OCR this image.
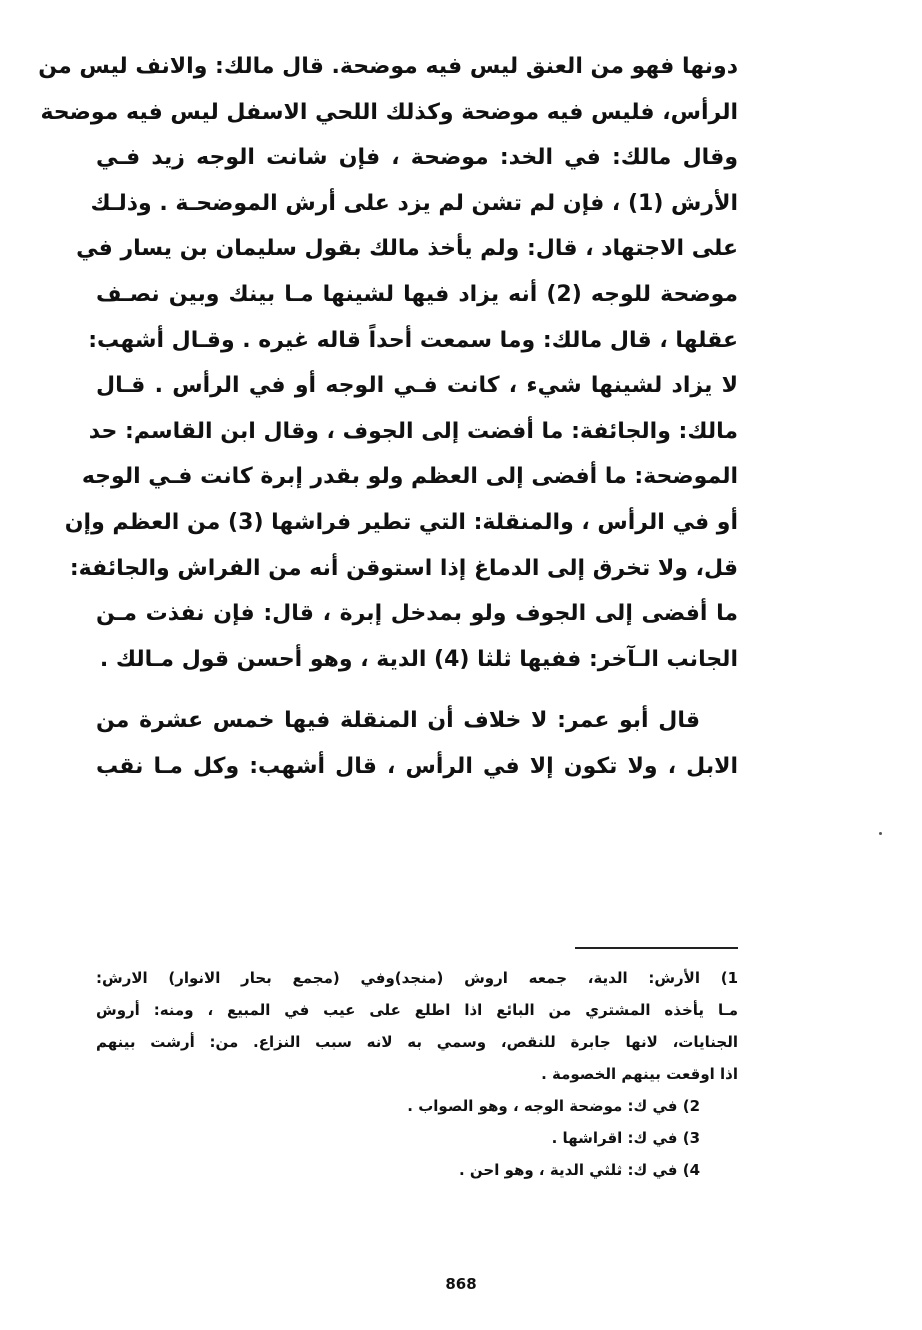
دونها فهو من العنق ليس فيه موضحة. قال مالك: والانف ليس من
الرأس، فليس فيه موضحة وكذلك اللحي الاسفل ليس فيه موضحة
وقال مالك: في الخد: موضحة ، فإن شانت الوجه زيد فـي
الأرش (1) ، فإن لم تشن لم يزد على أرش الموضحـة . وذلـك
على الاجتهاد ، قال: ولم يأخذ مالك بقول سليمان بن يسار في
موضحة للوجه (2) أنه يزاد فيها لشينها مـا بينك وبين نصـف
عقلها ، قال مالك: وما سمعت أحداً قاله غيره . وقـال أشهب:
لا يزاد لشينها شيء ، كانت فـي الوجه أو في الرأس . قـال
مالك: والجائفة: ما أفضت إلى الجوف ، وقال ابن القاسم: حد
الموضحة: ما أفضى إلى العظم ولو بقدر إبرة كانت فـي الوجه
أو في الرأس ، والمنقلة: التي تطير فراشها (3) من العظم وإن
قل، ولا تخرق إلى الدماغ إذا استوقن أنه من الفراش والجائفة:
ما أفضى إلى الجوف ولو بمدخل إبرة ، قال: فإن نفذت مـن
الجانب الـآخر: ففيها ثلثا (4) الدية ، وهو أحسن قول مـالك .
قال أبو عمر: لا خلاف أن المنقلة فيها خمس عشرة من
الابل ، ولا تكون إلا في الرأس ، قال أشهب: وكل مـا نقب
1) الأرش: الدية، جمعه اروش (منجد)وفي (مجمع بحار الانوار) الارش:
مـا يأخذه المشتري من البائع اذا اطلع على عيب في المبيع ، ومنه: أروش
الجنايات، لانها جابرة للنقص، وسمي به لانه سبب النزاع. من: أرشت بينهم
اذا اوقعت بينهم الخصومة .
2) في ك: موضحة الوجه ، وهو الصواب .
3) في ك: اقراشها .
4) في ك: ثلثي الدية ، وهو احن .
868
